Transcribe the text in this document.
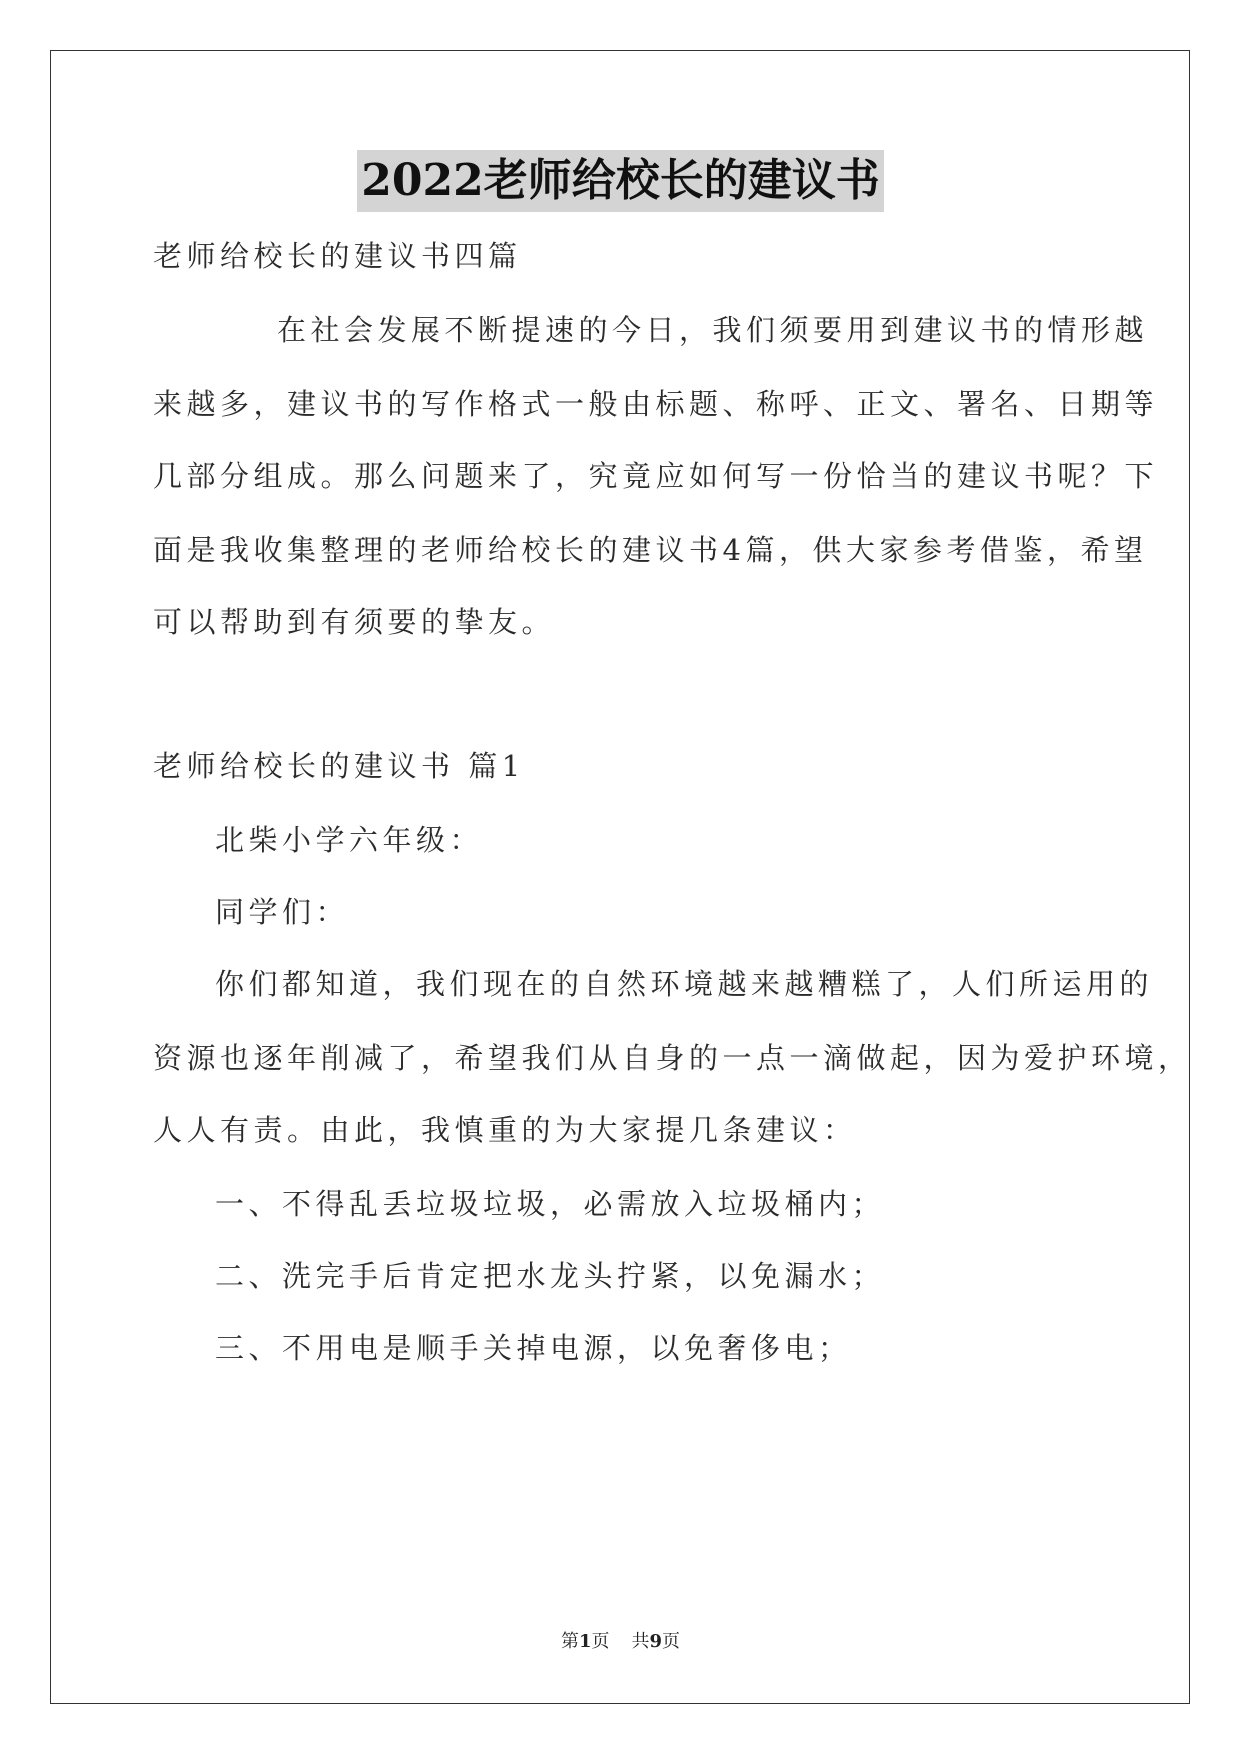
2022老师给校长的建议书
老师给校长的建议书四篇
在社会发展不断提速的今日，我们须要用到建议书的情形越
来越多，建议书的写作格式一般由标题、称呼、正文、署名、日期等
几部分组成。那么问题来了，究竟应如何写一份恰当的建议书呢？下
面是我收集整理的老师给校长的建议书4篇，供大家参考借鉴，希望
可以帮助到有须要的挚友。
老师给校长的建议书 篇1
北柴小学六年级：
同学们：
你们都知道，我们现在的自然环境越来越糟糕了，人们所运用的
资源也逐年削减了，希望我们从自身的一点一滴做起，因为爱护环境，
人人有责。由此，我慎重的为大家提几条建议：
一、不得乱丢垃圾垃圾，必需放入垃圾桶内；
二、洗完手后肯定把水龙头拧紧，以免漏水；
三、不用电是顺手关掉电源，以免奢侈电；
第1页 共9页
